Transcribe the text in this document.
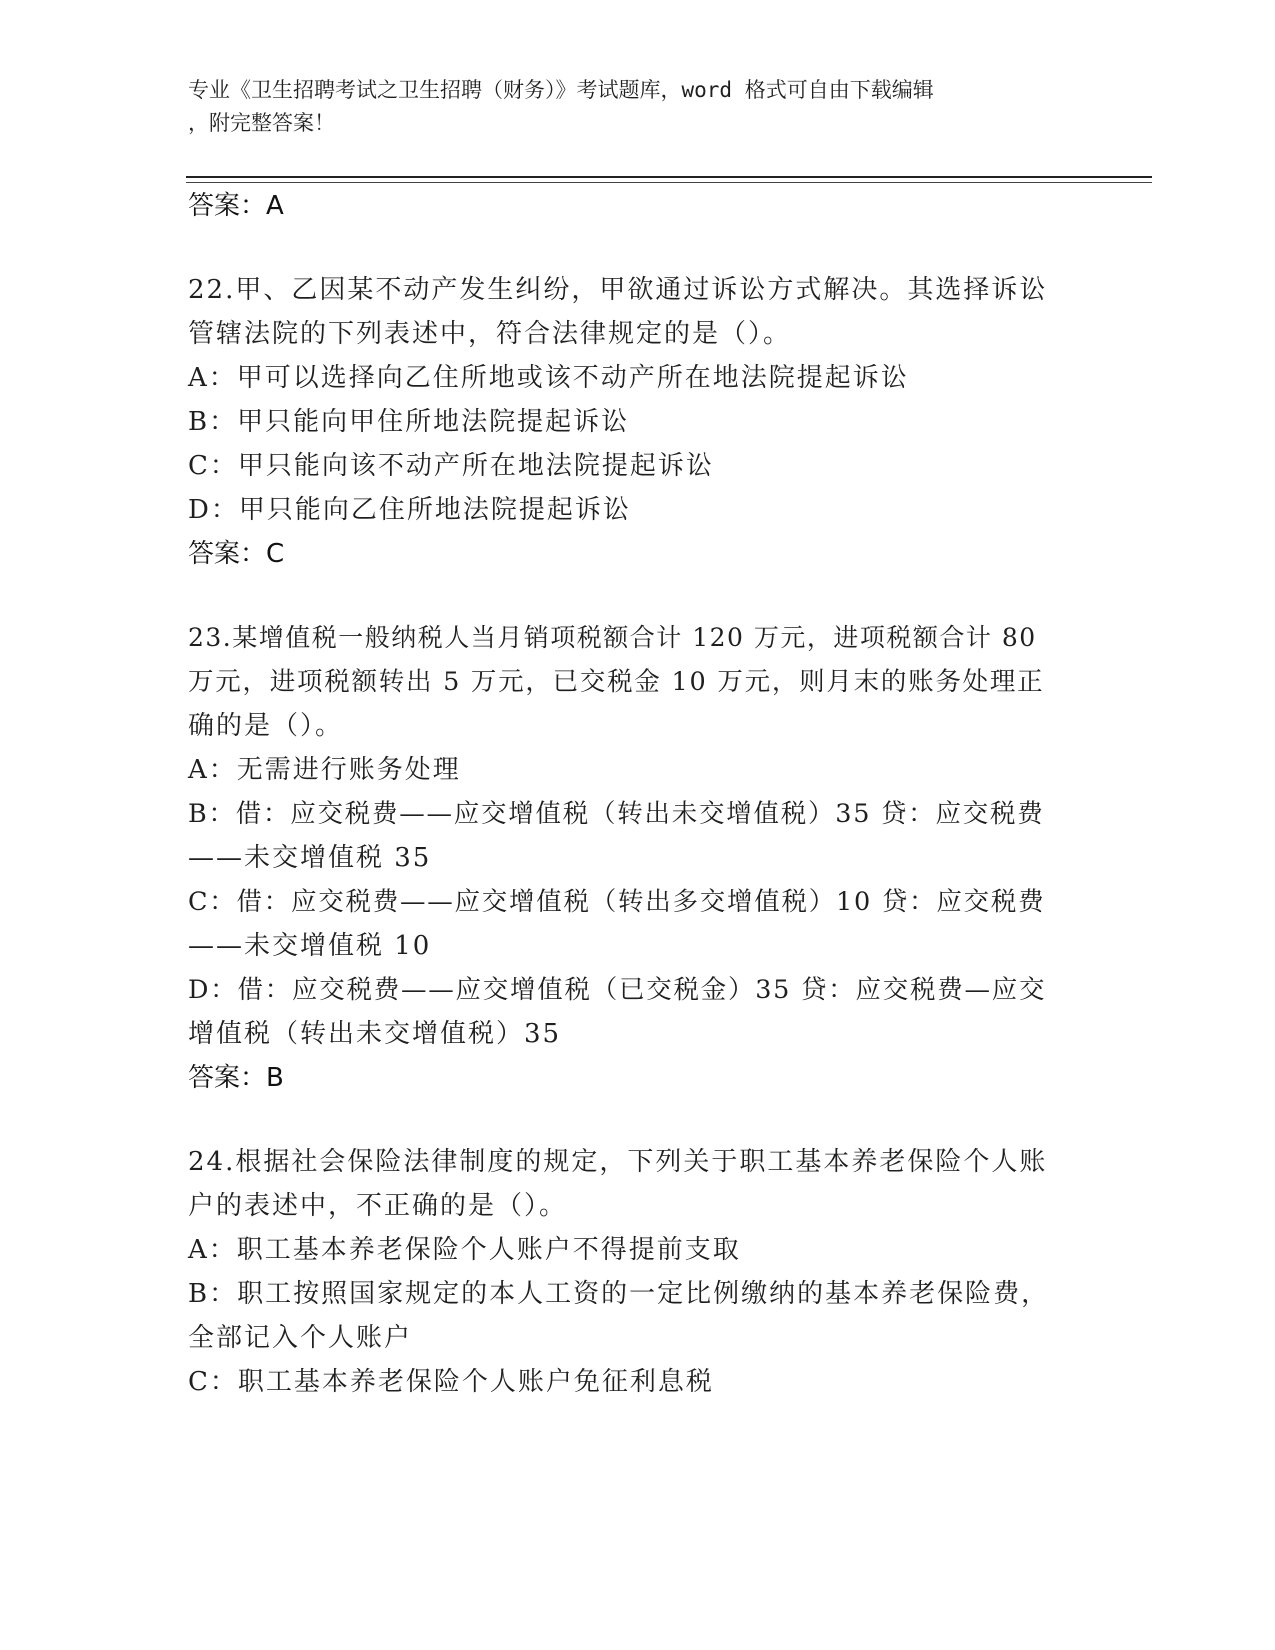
专业《卫生招聘考试之卫生招聘（财务）》考试题库，word 格式可自由下载编辑
，附完整答案！
答案：A
22.甲、乙因某不动产发生纠纷，甲欲通过诉讼方式解决。其选择诉讼
管辖法院的下列表述中，符合法律规定的是（）。
A：甲可以选择向乙住所地或该不动产所在地法院提起诉讼
B：甲只能向甲住所地法院提起诉讼
C：甲只能向该不动产所在地法院提起诉讼
D：甲只能向乙住所地法院提起诉讼
答案：C
23.某增值税一般纳税人当月销项税额合计 120 万元，进项税额合计 80
万元，进项税额转出 5 万元，已交税金 10 万元，则月末的账务处理正
确的是（）。
A：无需进行账务处理
B：借：应交税费——应交增值税（转出未交增值税）35 贷：应交税费
——未交增值税 35
C：借：应交税费——应交增值税（转出多交增值税）10 贷：应交税费
——未交增值税 10
D：借：应交税费——应交增值税（已交税金）35 贷：应交税费—应交
增值税（转出未交增值税）35
答案：B
24.根据社会保险法律制度的规定，下列关于职工基本养老保险个人账
户的表述中，不正确的是（）。
A：职工基本养老保险个人账户不得提前支取
B：职工按照国家规定的本人工资的一定比例缴纳的基本养老保险费，
全部记入个人账户
C：职工基本养老保险个人账户免征利息税
